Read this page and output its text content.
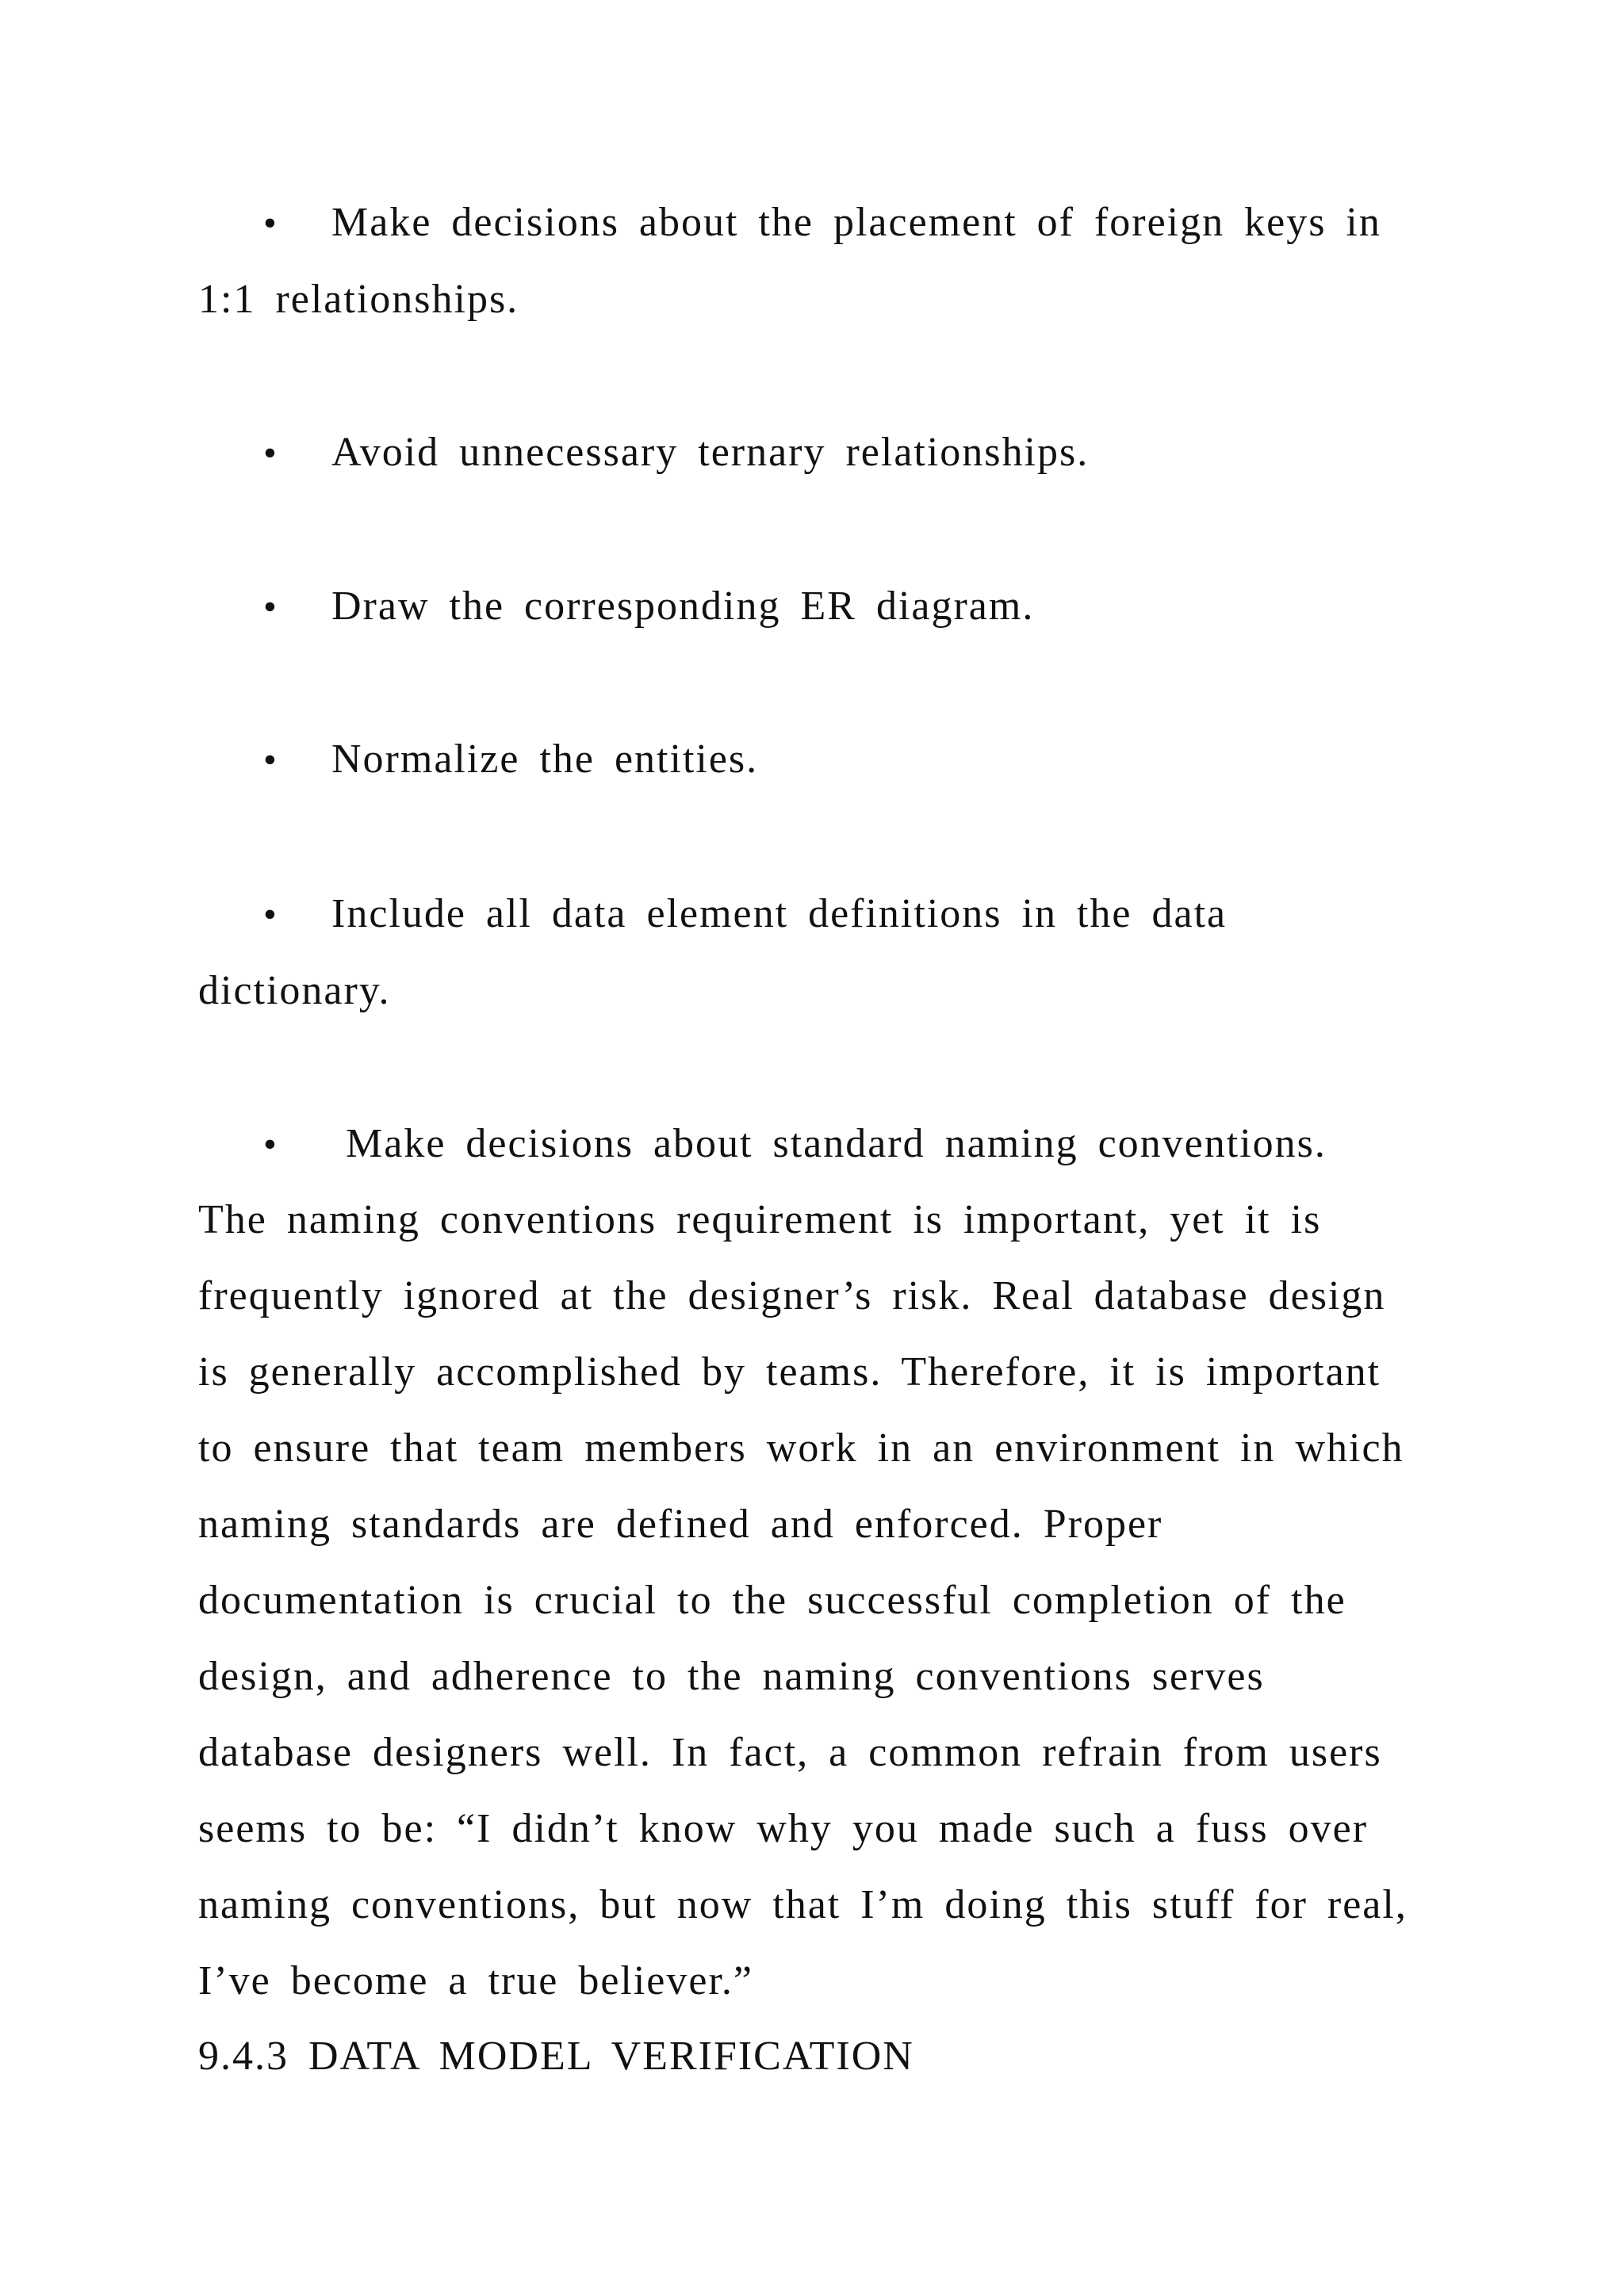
• Make decisions about the placement of foreign keys in
1:1 relationships.
• Avoid unnecessary ternary relationships.
• Draw the corresponding ER diagram.
• Normalize the entities.
• Include all data element definitions in the data
dictionary.
• Make decisions about standard naming conventions.
The naming conventions requirement is important, yet it is
frequently ignored at the designer’s risk. Real database design
is generally accomplished by teams. Therefore, it is important
to ensure that team members work in an environment in which
naming standards are defined and enforced. Proper
documentation is crucial to the successful completion of the
design, and adherence to the naming conventions serves
database designers well. In fact, a common refrain from users
seems to be: “I didn’t know why you made such a fuss over
naming conventions, but now that I’m doing this stuff for real,
I’ve become a true believer.”
9.4.3 DATA MODEL VERIFICATION
